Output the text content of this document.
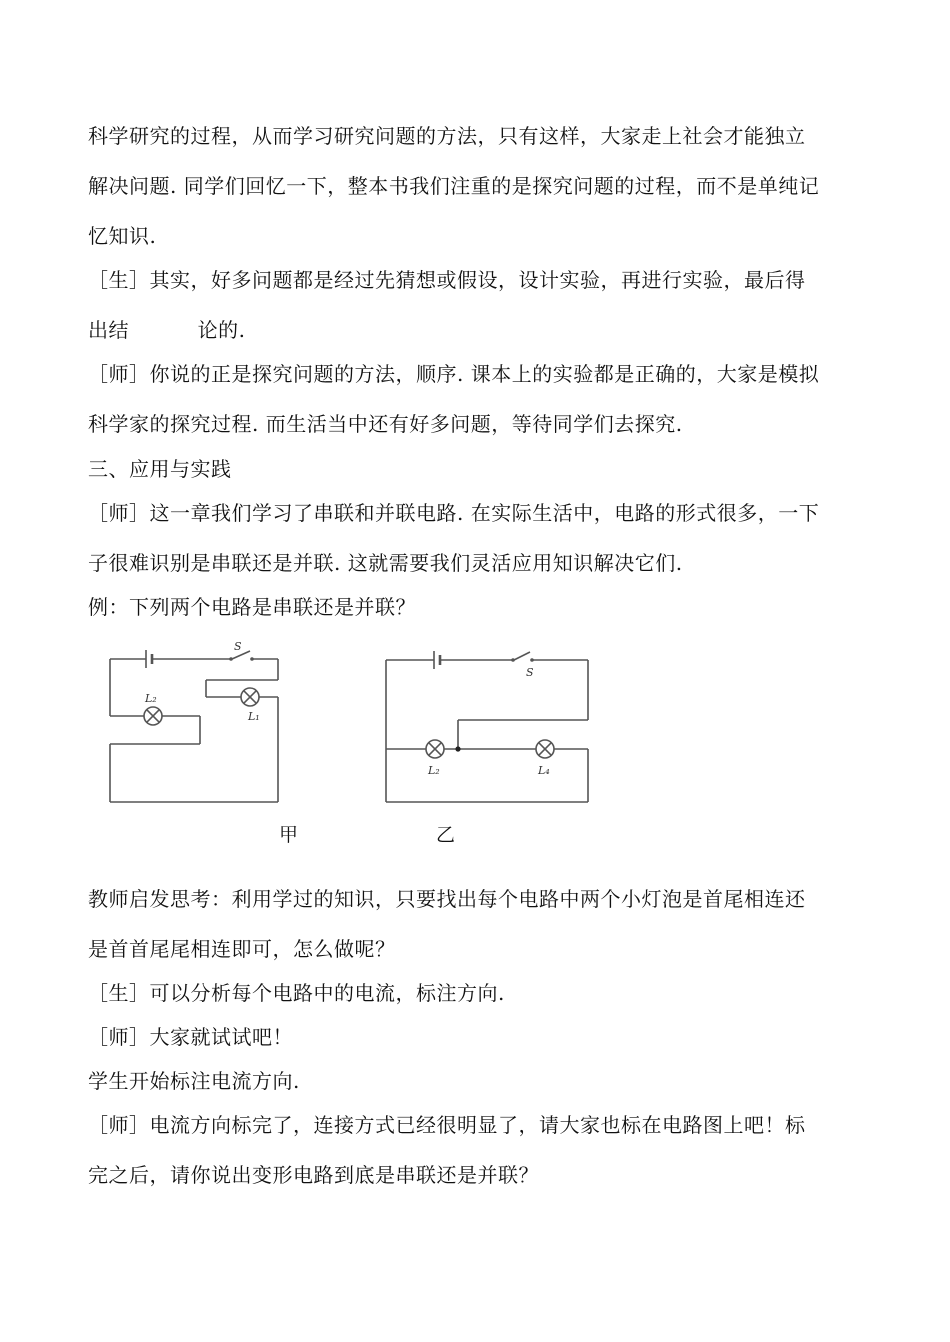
科学研究的过程，从而学习研究问题的方法，只有这样，大家走上社会才能独立
解决问题. 同学们回忆一下，整本书我们注重的是探究问题的过程，而不是单纯记
忆知识.
［生］其实，好多问题都是经过先猜想或假设，设计实验，再进行实验，最后得
出结          论的.
［师］你说的正是探究问题的方法，顺序. 课本上的实验都是正确的，大家是模拟
科学家的探究过程. 而生活当中还有好多问题，等待同学们去探究.
三、应用与实践
［师］这一章我们学习了串联和并联电路. 在实际生活中，电路的形式很多，一下
子很难识别是串联还是并联. 这就需要我们灵活应用知识解决它们.
例：下列两个电路是串联还是并联？
S
L₂
L₁
S
L₂	L₄
甲	乙
教师启发思考：利用学过的知识，只要找出每个电路中两个小灯泡是首尾相连还
是首首尾尾相连即可，怎么做呢？
［生］可以分析每个电路中的电流，标注方向.
［师］大家就试试吧！
学生开始标注电流方向.
［师］电流方向标完了，连接方式已经很明显了，请大家也标在电路图上吧！标
完之后，请你说出变形电路到底是串联还是并联？
